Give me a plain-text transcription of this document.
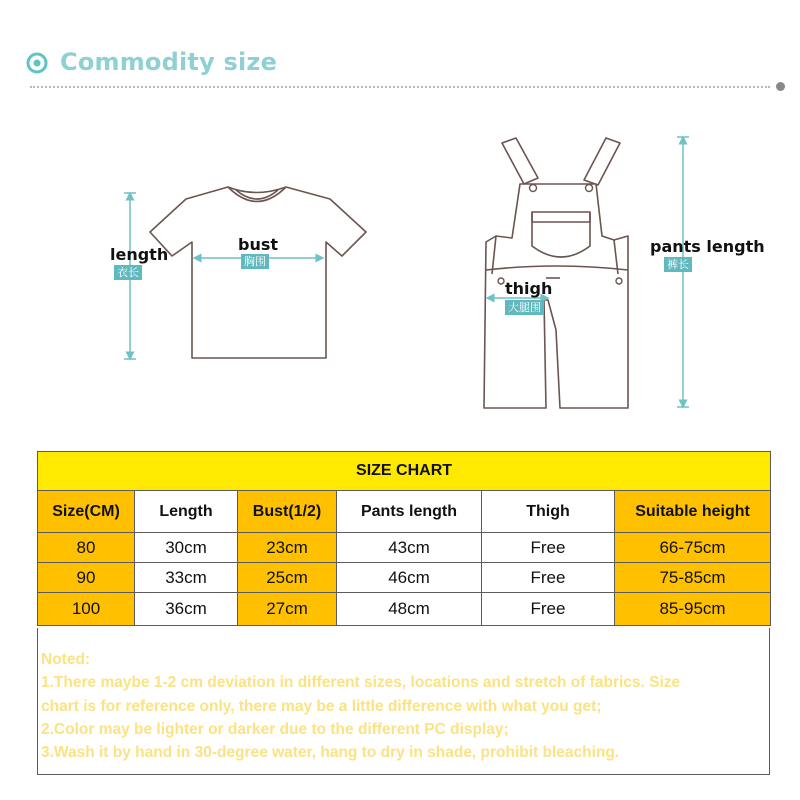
Commodity size
length
衣长
bust
胸围
thigh
大腿围
pants length
裤长
SIZE CHART					
Size(CM)	Length	Bust(1/2)	Pants length	Thigh	Suitable height
80	30cm	23cm	43cm	Free	66-75cm
90	33cm	25cm	46cm	Free	75-85cm
100	36cm	27cm	48cm	Free	85-95cm
Noted:
1.There maybe 1-2 cm deviation in different sizes, locations and stretch of fabrics. Size
chart is for reference only, there may be a little difference with what you get;
2.Color may be lighter or darker due to the different PC display;
3.Wash it by hand in 30-degree water, hang to dry in shade, prohibit bleaching.
